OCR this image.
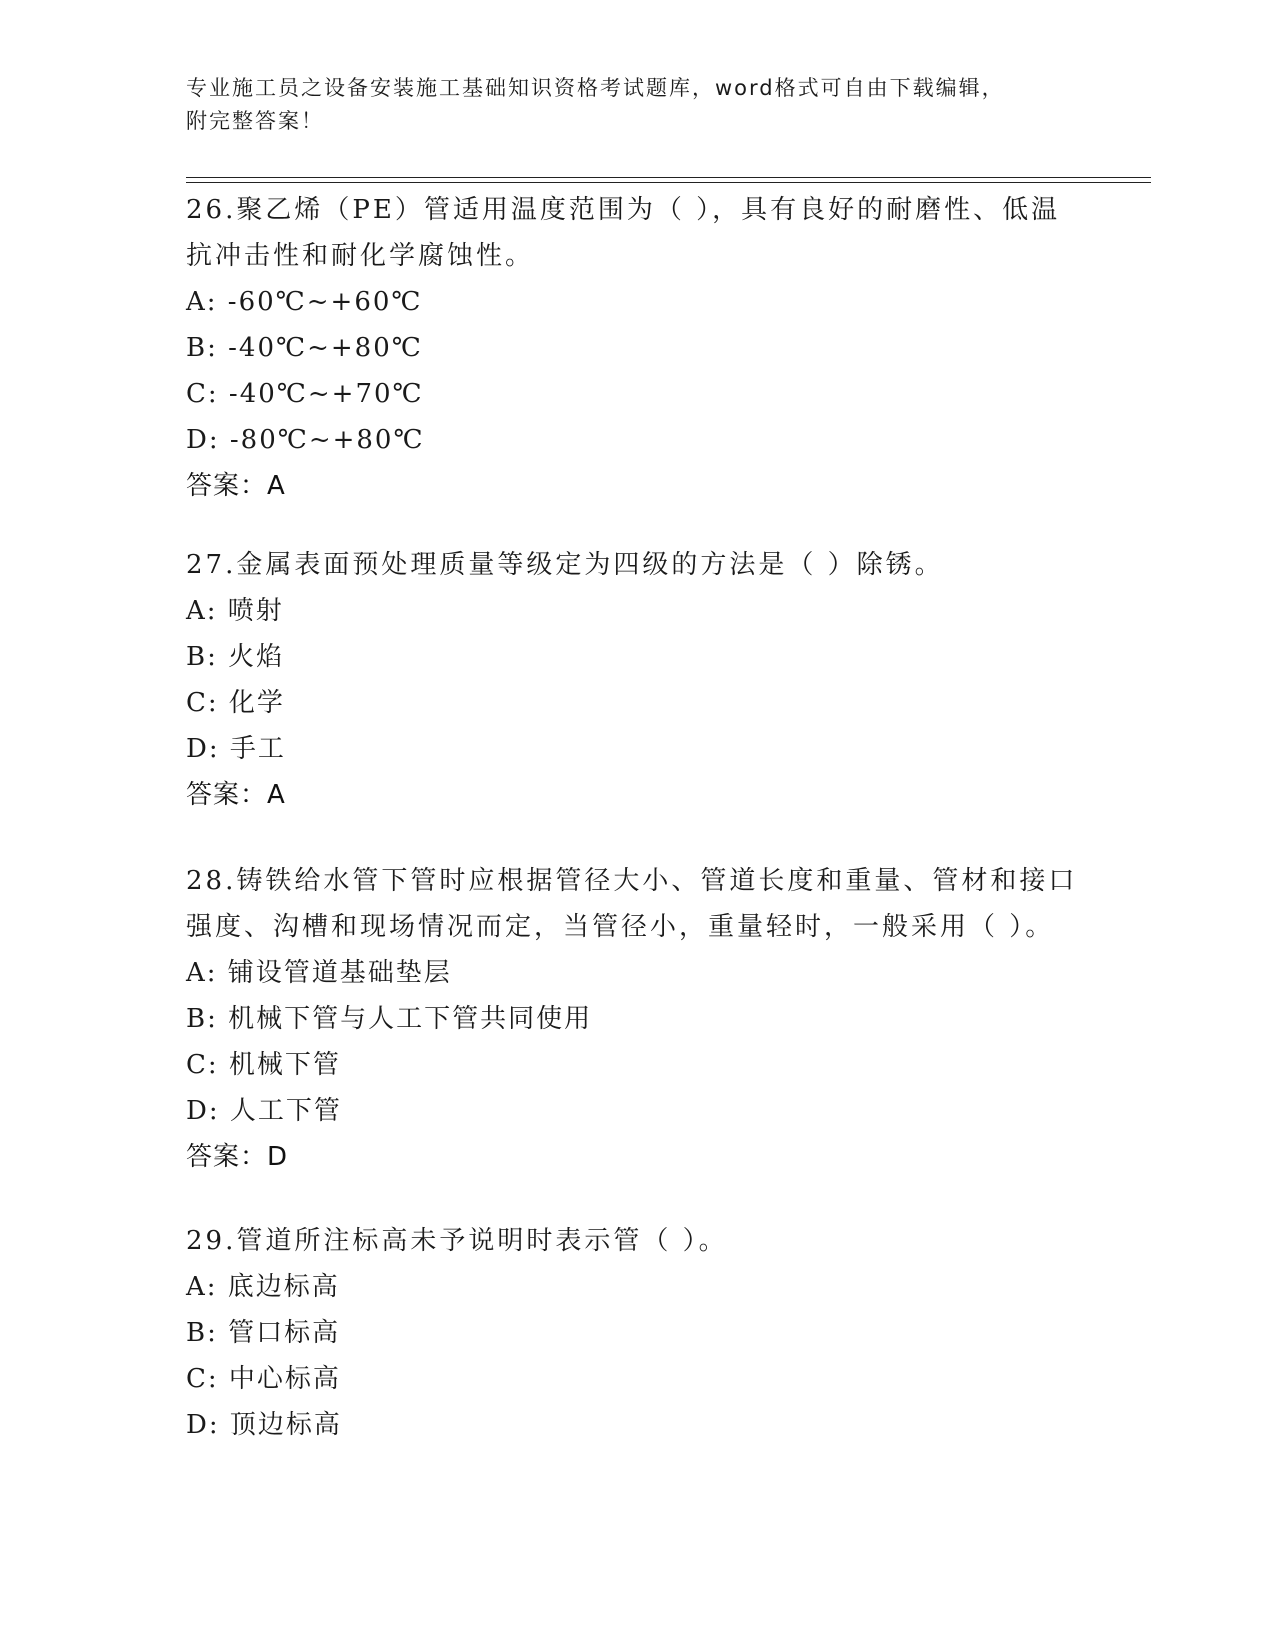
专业施工员之设备安装施工基础知识资格考试题库，word格式可自由下载编辑，
附完整答案！
26.聚乙烯（PE）管适用温度范围为（ ），具有良好的耐磨性、低温
抗冲击性和耐化学腐蚀性。
A: -60℃~+60℃
B: -40℃~+80℃
C: -40℃~+70℃
D: -80℃~+80℃
答案：A
27.金属表面预处理质量等级定为四级的方法是（ ）除锈。
A: 喷射
B: 火焰
C: 化学
D: 手工
答案：A
28.铸铁给水管下管时应根据管径大小、管道长度和重量、管材和接口
强度、沟槽和现场情况而定，当管径小，重量轻时，一般采用（ ）。
A: 铺设管道基础垫层
B: 机械下管与人工下管共同使用
C: 机械下管
D: 人工下管
答案：D
29.管道所注标高未予说明时表示管（ ）。
A: 底边标高
B: 管口标高
C: 中心标高
D: 顶边标高
